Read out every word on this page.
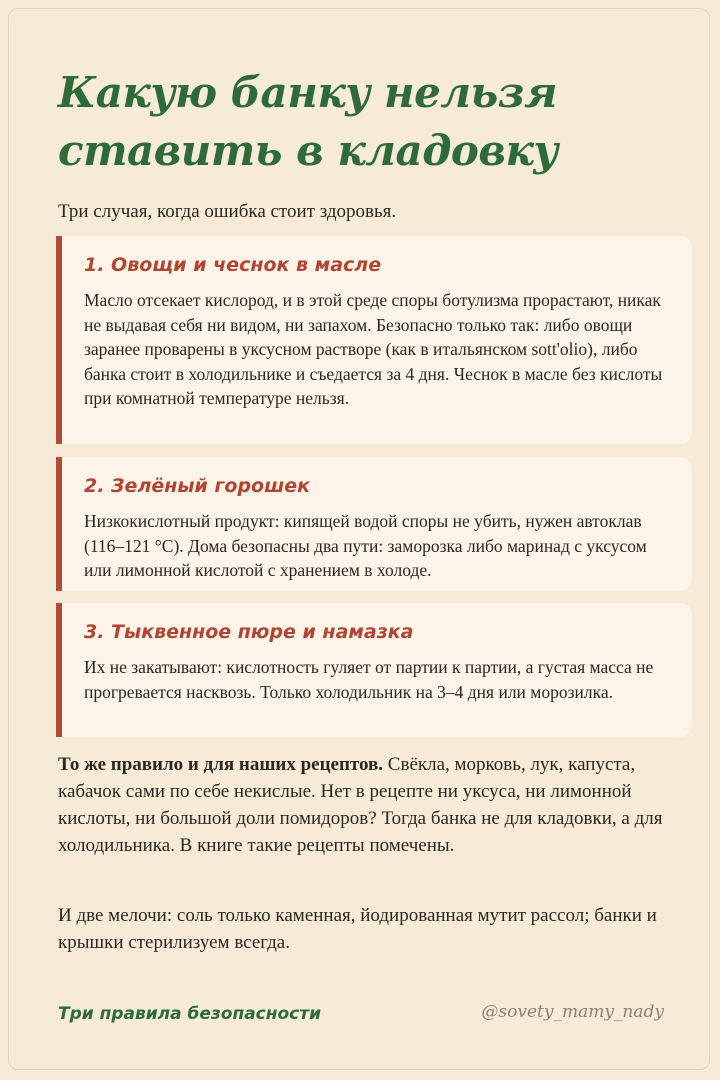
Какую банку нельзя ставить в кладовку

Три случая, когда ошибка стоит здоровья.

1. Овощи и чеснок в масле

Масло отсекает кислород, и в этой среде споры ботулизма прорастают, никак не выдавая себя ни видом, ни запахом. Безопасно только так: либо овощи заранее проварены в уксусном растворе (как в итальянском sott'olio), либо банка стоит в холодильнике и съедается за 4 дня. Чеснок в масле без кислоты при комнатной температуре нельзя.

2. Зелёный горошек

Низкокислотный продукт: кипящей водой споры не убить, нужен автоклав (116–121 °C). Дома безопасны два пути: заморозка либо маринад с уксусом или лимонной кислотой с хранением в холоде.

3. Тыквенное пюре и намазка

Их не закатывают: кислотность гуляет от партии к партии, а густая масса не прогревается насквозь. Только холодильник на 3–4 дня или морозилка.

То же правило и для наших рецептов. Свёкла, морковь, лук, капуста, кабачок сами по себе некислые. Нет в рецепте ни уксуса, ни лимонной кислоты, ни большой доли помидоров? Тогда банка не для кладовки, а для холодильника. В книге такие рецепты помечены.

И две мелочи: соль только каменная, йодированная мутит рассол; банки и крышки стерилизуем всегда.

Три правила безопасности	@sovety_mamy_nady
